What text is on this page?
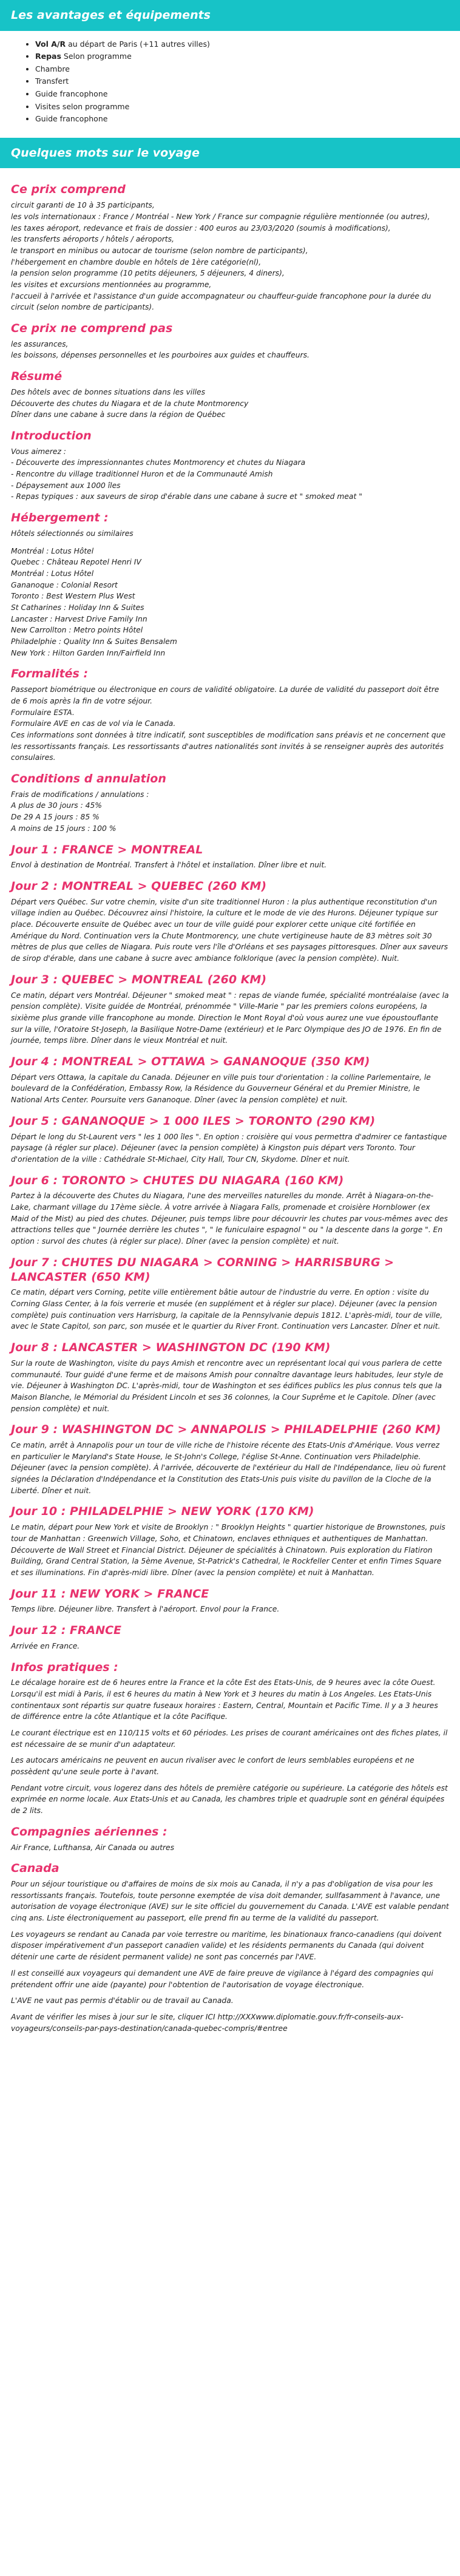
Les avantages et équipements
• Vol A/R au départ de Paris (+11 autres villes)
• Repas Selon programme
• Chambre
• Transfert
• Guide francophone
• Visites selon programme
• Guide francophone
Quelques mots sur le voyage
Ce prix comprend
circuit garanti de 10 à 35 participants,
les vols internationaux : France / Montréal - New York / France sur compagnie régulière mentionnée (ou autres),
les taxes aéroport, redevance et frais de dossier : 400 euros au 23/03/2020 (soumis à modifications),
les transferts aéroports / hôtels / aéroports,
le transport en minibus ou autocar de tourisme (selon nombre de participants),
l'hébergement en chambre double en hôtels de 1ère catégorie(nl),
la pension selon programme (10 petits déjeuners, 5 déjeuners, 4 diners),
les visites et excursions mentionnées au programme,
l'accueil à l'arrivée et l'assistance d'un guide accompagnateur ou chauffeur-guide francophone pour la durée du circuit (selon nombre de participants).
Ce prix ne comprend pas
les assurances,
les boissons, dépenses personnelles et les pourboires aux guides et chauffeurs.
Résumé
Des hôtels avec de bonnes situations dans les villes
Découverte des chutes du Niagara et de la chute Montmorency
Dîner dans une cabane à sucre dans la région de Québec
Introduction
Vous aimerez :
- Découverte des impressionnantes chutes Montmorency et chutes du Niagara
- Rencontre du village traditionnel Huron et de la Communauté Amish
- Dépaysement aux 1000 îles
- Repas typiques : aux saveurs de sirop d'érable dans une cabane à sucre et " smoked meat "
Hébergement :
Hôtels sélectionnés ou similaires
Montréal : Lotus Hôtel
Quebec : Château Repotel Henri IV
Montréal : Lotus Hôtel
Gananoque : Colonial Resort
Toronto : Best Western Plus West
St Catharines : Holiday Inn & Suites
Lancaster : Harvest Drive Family Inn
New Carrollton : Metro points Hôtel
Philadelphie : Quality Inn & Suites Bensalem
New York : Hilton Garden Inn/Fairfield Inn
Formalités :
Passeport biométrique ou électronique en cours de validité obligatoire. La durée de validité du passeport doit être de 6 mois après la fin de votre séjour.
Formulaire ESTA.
Formulaire AVE en cas de vol via le Canada.
Ces informations sont données à titre indicatif, sont susceptibles de modification sans préavis et ne concernent que les ressortissants français. Les ressortissants d'autres nationalités sont invités à se renseigner auprès des autorités consulaires.
Conditions d annulation
Frais de modifications / annulations :
A plus de 30 jours : 45%
De 29 A 15 jours : 85 %
A moins de 15 jours : 100 %
Jour 1 : FRANCE > MONTREAL
Envol à destination de Montréal. Transfert à l'hôtel et installation. Dîner libre et nuit.
Jour 2 : MONTREAL > QUEBEC (260 KM)
Départ vers Québec. Sur votre chemin, visite d'un site traditionnel Huron : la plus authentique reconstitution d'un village indien au Québec. Découvrez ainsi l'histoire, la culture et le mode de vie des Hurons. Déjeuner typique sur place. Découverte ensuite de Québec avec un tour de ville guidé pour explorer cette unique cité fortifiée en Amérique du Nord. Continuation vers la Chute Montmorency, une chute vertigineuse haute de 83 mètres soit 30 mètres de plus que celles de Niagara. Puis route vers l'île d'Orléans et ses paysages pittoresques. Dîner aux saveurs de sirop d'érable, dans une cabane à sucre avec ambiance folklorique (avec la pension complète). Nuit.
Jour 3 : QUEBEC > MONTREAL (260 KM)
Ce matin, départ vers Montréal. Déjeuner " smoked meat " : repas de viande fumée, spécialité montréalaise (avec la pension complète). Visite guidée de Montréal, prénommée " Ville-Marie " par les premiers colons européens, la sixième plus grande ville francophone au monde. Direction le Mont Royal d'où vous aurez une vue époustouflante sur la ville, l'Oratoire St-Joseph, la Basilique Notre-Dame (extérieur) et le Parc Olympique des JO de 1976. En fin de journée, temps libre. Dîner dans le vieux Montréal et nuit.
Jour 4 : MONTREAL > OTTAWA > GANANOQUE (350 KM)
Départ vers Ottawa, la capitale du Canada. Déjeuner en ville puis tour d'orientation : la colline Parlementaire, le boulevard de la Confédération, Embassy Row, la Résidence du Gouverneur Général et du Premier Ministre, le National Arts Center. Poursuite vers Gananoque. Dîner (avec la pension complète) et nuit.
Jour 5 : GANANOQUE > 1 000 ILES > TORONTO (290 KM)
Départ le long du St-Laurent vers " les 1 000 îles ". En option : croisière qui vous permettra d'admirer ce fantastique paysage (à régler sur place). Déjeuner (avec la pension complète) à Kingston puis départ vers Toronto. Tour d'orientation de la ville : Cathédrale St-Michael, City Hall, Tour CN, Skydome. Dîner et nuit.
Jour 6 : TORONTO > CHUTES DU NIAGARA (160 KM)
Partez à la découverte des Chutes du Niagara, l'une des merveilles naturelles du monde. Arrêt à Niagara-on-the-Lake, charmant village du 17ème siècle. À votre arrivée à Niagara Falls, promenade et croisière Hornblower (ex Maid of the Mist) au pied des chutes. Déjeuner, puis temps libre pour découvrir les chutes par vous-mêmes avec des attractions telles que " Journée derrière les chutes ", " le funiculaire espagnol " ou " la descente dans la gorge ". En option : survol des chutes (à régler sur place). Dîner (avec la pension complète) et nuit.
Jour 7 : CHUTES DU NIAGARA > CORNING > HARRISBURG > LANCASTER (650 KM)
Ce matin, départ vers Corning, petite ville entièrement bâtie autour de l'industrie du verre. En option : visite du Corning Glass Center, à la fois verrerie et musée (en supplément et à régler sur place). Déjeuner (avec la pension complète) puis continuation vers Harrisburg, la capitale de la Pennsylvanie depuis 1812. L'après-midi, tour de ville, avec le State Capitol, son parc, son musée et le quartier du River Front. Continuation vers Lancaster. Dîner et nuit.
Jour 8 : LANCASTER > WASHINGTON DC (190 KM)
Sur la route de Washington, visite du pays Amish et rencontre avec un représentant local qui vous parlera de cette communauté. Tour guidé d'une ferme et de maisons Amish pour connaître davantage leurs habitudes, leur style de vie. Déjeuner à Washington DC. L'après-midi, tour de Washington et ses édifices publics les plus connus tels que la Maison Blanche, le Mémorial du Président Lincoln et ses 36 colonnes, la Cour Suprême et le Capitole. Dîner (avec pension complète) et nuit.
Jour 9 : WASHINGTON DC > ANNAPOLIS > PHILADELPHIE (260 KM)
Ce matin, arrêt à Annapolis pour un tour de ville riche de l'histoire récente des Etats-Unis d'Amérique. Vous verrez en particulier le Maryland's State House, le St-John's College, l'église St-Anne. Continuation vers Philadelphie. Déjeuner (avec la pension complète). À l'arrivée, découverte de l'extérieur du Hall de l'Indépendance, lieu où furent signées la Déclaration d'Indépendance et la Constitution des Etats-Unis puis visite du pavillon de la Cloche de la Liberté. Dîner et nuit.
Jour 10 : PHILADELPHIE > NEW YORK (170 KM)
Le matin, départ pour New York et visite de Brooklyn : " Brooklyn Heights " quartier historique de Brownstones, puis tour de Manhattan : Greenwich Village, Soho, et Chinatown, enclaves ethniques et authentiques de Manhattan. Découverte de Wall Street et Financial District. Déjeuner de spécialités à Chinatown. Puis exploration du Flatiron Building, Grand Central Station, la 5ème Avenue, St-Patrick's Cathedral, le Rockfeller Center et enfin Times Square et ses illuminations. Fin d'après-midi libre. Dîner (avec la pension complète) et nuit à Manhattan.
Jour 11 : NEW YORK > FRANCE
Temps libre. Déjeuner libre. Transfert à l'aéroport. Envol pour la France.
Jour 12 : FRANCE
Arrivée en France.
Infos pratiques :
Le décalage horaire est de 6 heures entre la France et la côte Est des Etats-Unis, de 9 heures avec la côte Ouest. Lorsqu'il est midi à Paris, il est 6 heures du matin à New York et 3 heures du matin à Los Angeles. Les Etats-Unis continentaux sont répartis sur quatre fuseaux horaires : Eastern, Central, Mountain et Pacific Time. Il y a 3 heures de différence entre la côte Atlantique et la côte Pacifique.
Le courant électrique est en 110/115 volts et 60 périodes. Les prises de courant américaines ont des fiches plates, il est nécessaire de se munir d'un adaptateur.
Les autocars américains ne peuvent en aucun rivaliser avec le confort de leurs semblables européens et ne possèdent qu'une seule porte à l'avant.
Pendant votre circuit, vous logerez dans des hôtels de première catégorie ou supérieure. La catégorie des hôtels est exprimée en norme locale. Aux Etats-Unis et au Canada, les chambres triple et quadruple sont en général équipées de 2 lits.
Compagnies aériennes :
Air France, Lufthansa, Air Canada ou autres
Canada
Pour un séjour touristique ou d'affaires de moins de six mois au Canada, il n'y a pas d'obligation de visa pour les ressortissants français. Toutefois, toute personne exemptée de visa doit demander, sullfasamment à l'avance, une autorisation de voyage électronique (AVE) sur le site officiel du gouvernement du Canada. L'AVE est valable pendant cinq ans. Liste électroniquement au passeport, elle prend fin au terme de la validité du passeport.
Les voyageurs se rendant au Canada par voie terrestre ou maritime, les binationaux franco-canadiens (qui doivent disposer impérativement d'un passeport canadien valide) et les résidents permanents du Canada (qui doivent détenir une carte de résident permanent valide) ne sont pas concernés par l'AVE.
Il est conseillé aux voyageurs qui demandent une AVE de faire preuve de vigilance à l'égard des compagnies qui prétendent offrir une aide (payante) pour l'obtention de l'autorisation de voyage électronique.
L'AVE ne vaut pas permis d'établir ou de travail au Canada.
Avant de vérifier les mises à jour sur le site, cliquer ICI http://XXXwww.diplomatie.gouv.fr/fr-conseils-aux-voyageurs/conseils-par-pays-destination/canada-quebec-compris/#entree
